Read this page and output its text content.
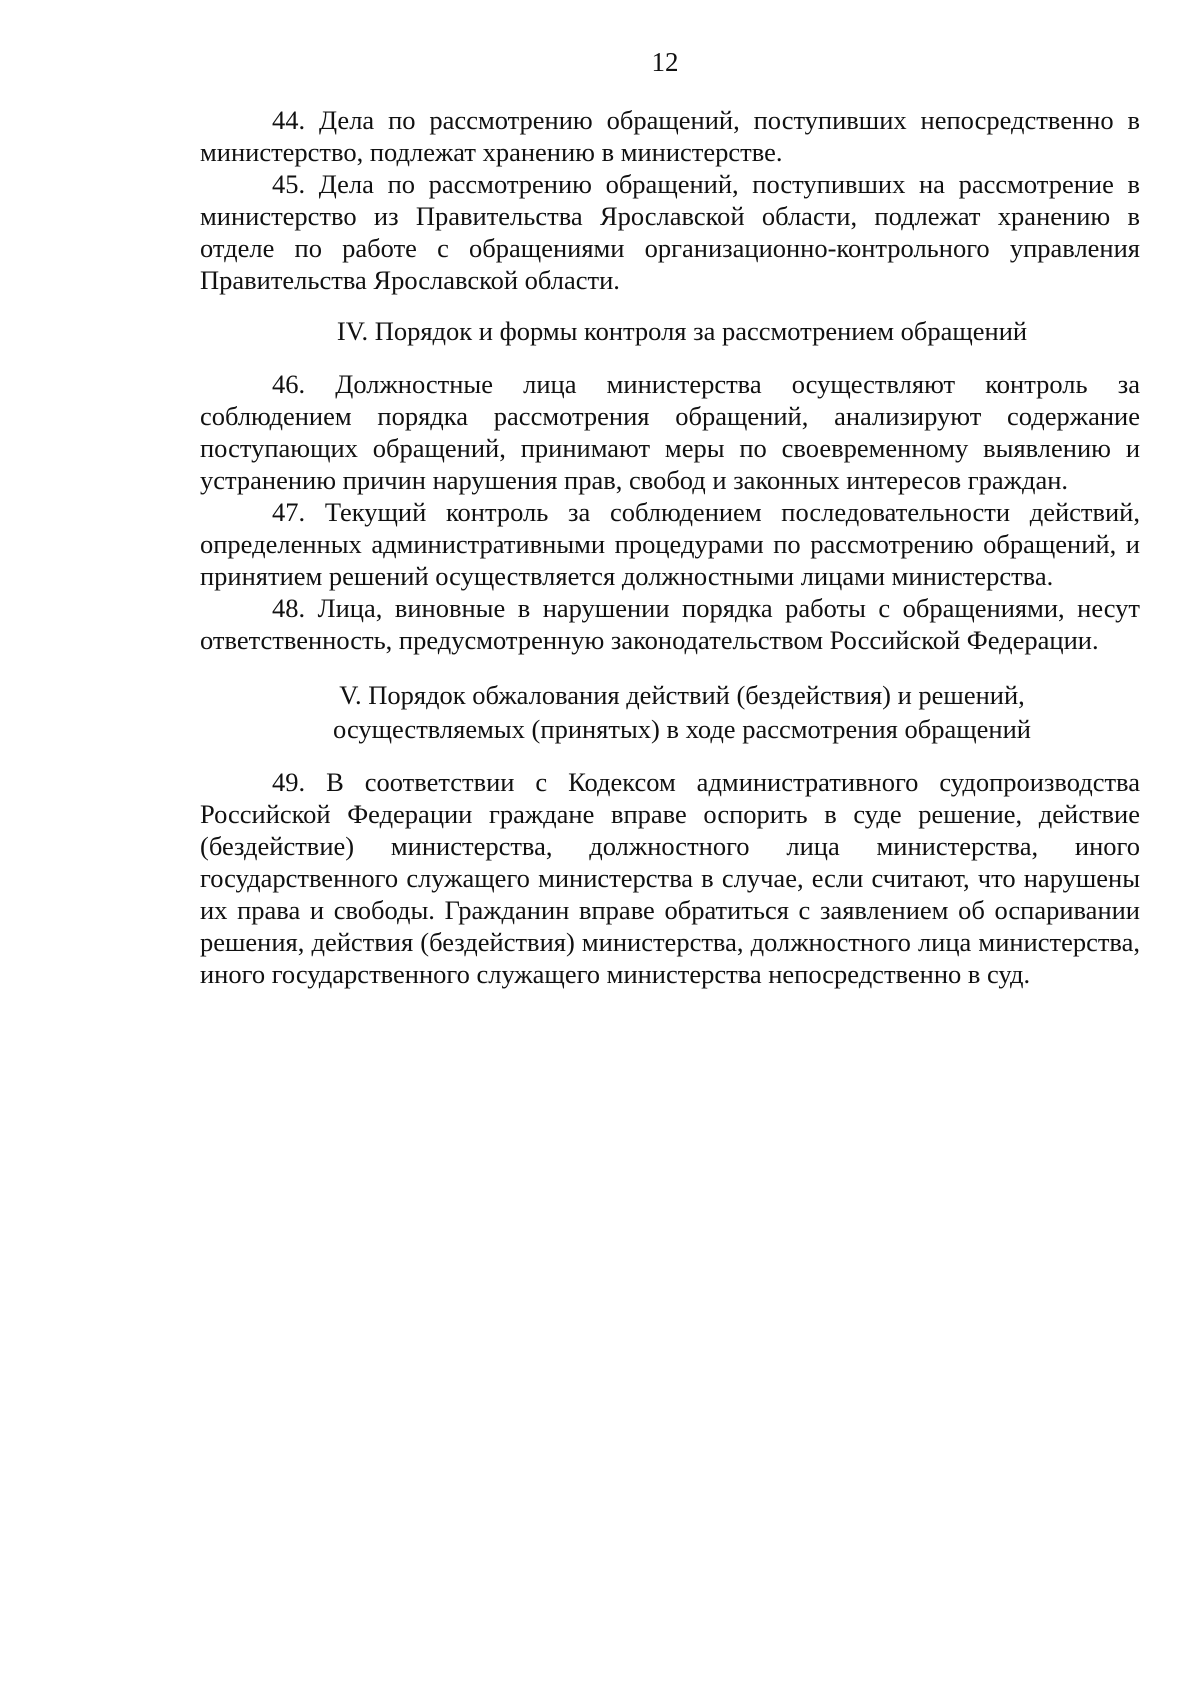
12

44. Дела по рассмотрению обращений, поступивших непосредственно в министерство, подлежат хранению в министерстве.

45. Дела по рассмотрению обращений, поступивших на рассмотрение в министерство из Правительства Ярославской области, подлежат хранению в отделе по работе с обращениями организационно-контрольного управления Правительства Ярославской области.

IV. Порядок и формы контроля за рассмотрением обращений

46. Должностные лица министерства осуществляют контроль за соблюдением порядка рассмотрения обращений, анализируют содержание поступающих обращений, принимают меры по своевременному выявлению и устранению причин нарушения прав, свобод и законных интересов граждан.

47. Текущий контроль за соблюдением последовательности действий, определенных административными процедурами по рассмотрению обращений, и принятием решений осуществляется должностными лицами министерства.

48. Лица, виновные в нарушении порядка работы с обращениями, несут ответственность, предусмотренную законодательством Российской Федерации.

V. Порядок обжалования действий (бездействия) и решений,
осуществляемых (принятых) в ходе рассмотрения обращений

49. В соответствии с Кодексом административного судопроизводства Российской Федерации граждане вправе оспорить в суде решение, действие (бездействие) министерства, должностного лица министерства, иного государственного служащего министерства в случае, если считают, что нарушены их права и свободы. Гражданин вправе обратиться с заявлением об оспаривании решения, действия (бездействия) министерства, должностного лица министерства, иного государственного служащего министерства непосредственно в суд.
